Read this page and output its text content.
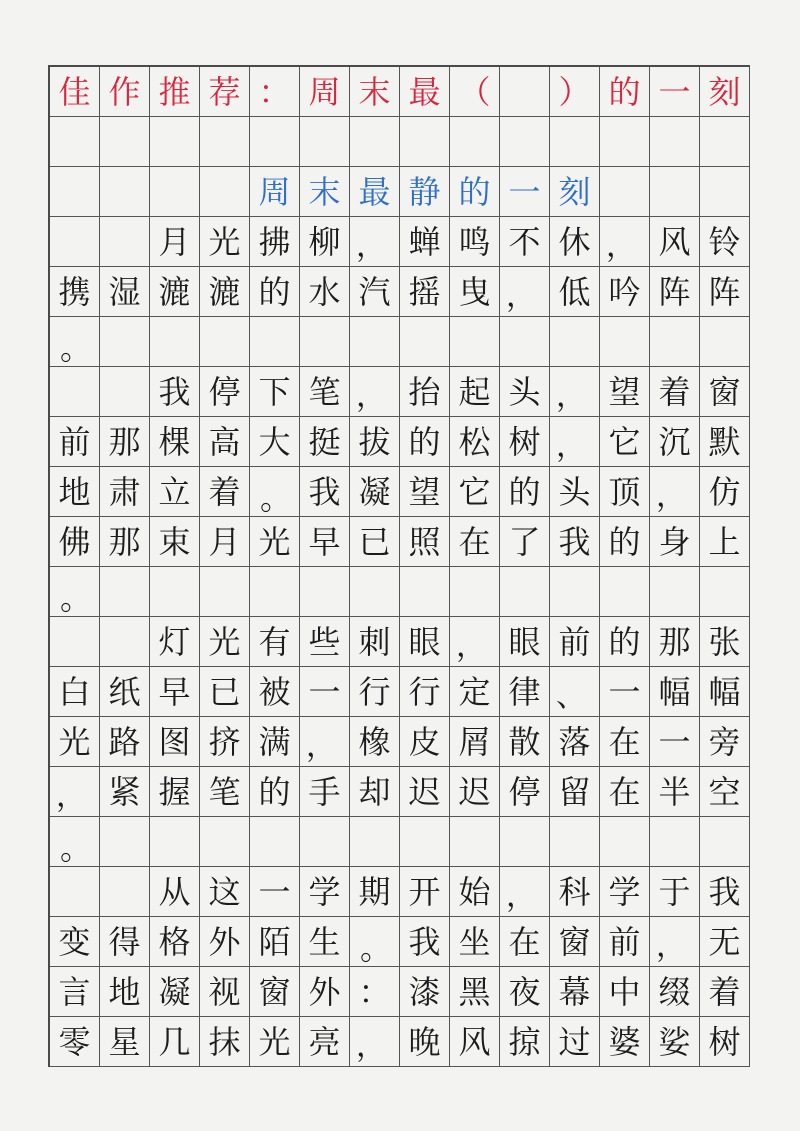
佳 作 推 荐 ： 周 末 最 （ ） 的 一 刻
周 末 最 静 的 一 刻
月 光 拂 柳 ， 蝉 鸣 不 休 ， 风 铃
携 湿 漉 漉 的 水 汽 摇 曳 ， 低 吟 阵 阵
。
我 停 下 笔 ， 抬 起 头 ， 望 着 窗
前 那 棵 高 大 挺 拔 的 松 树 ， 它 沉 默
地 肃 立 着 。 我 凝 望 它 的 头 顶 ， 仿
佛 那 束 月 光 早 已 照 在 了 我 的 身 上
。
灯 光 有 些 刺 眼 ， 眼 前 的 那 张
白 纸 早 已 被 一 行 行 定 律 、 一 幅 幅
光 路 图 挤 满 ， 橡 皮 屑 散 落 在 一 旁
， 紧 握 笔 的 手 却 迟 迟 停 留 在 半 空
。
从 这 一 学 期 开 始 ， 科 学 于 我
变 得 格 外 陌 生 。 我 坐 在 窗 前 ， 无
言 地 凝 视 窗 外 ： 漆 黑 夜 幕 中 缀 着
零 星 几 抹 光 亮 ， 晚 风 掠 过 婆 娑 树
